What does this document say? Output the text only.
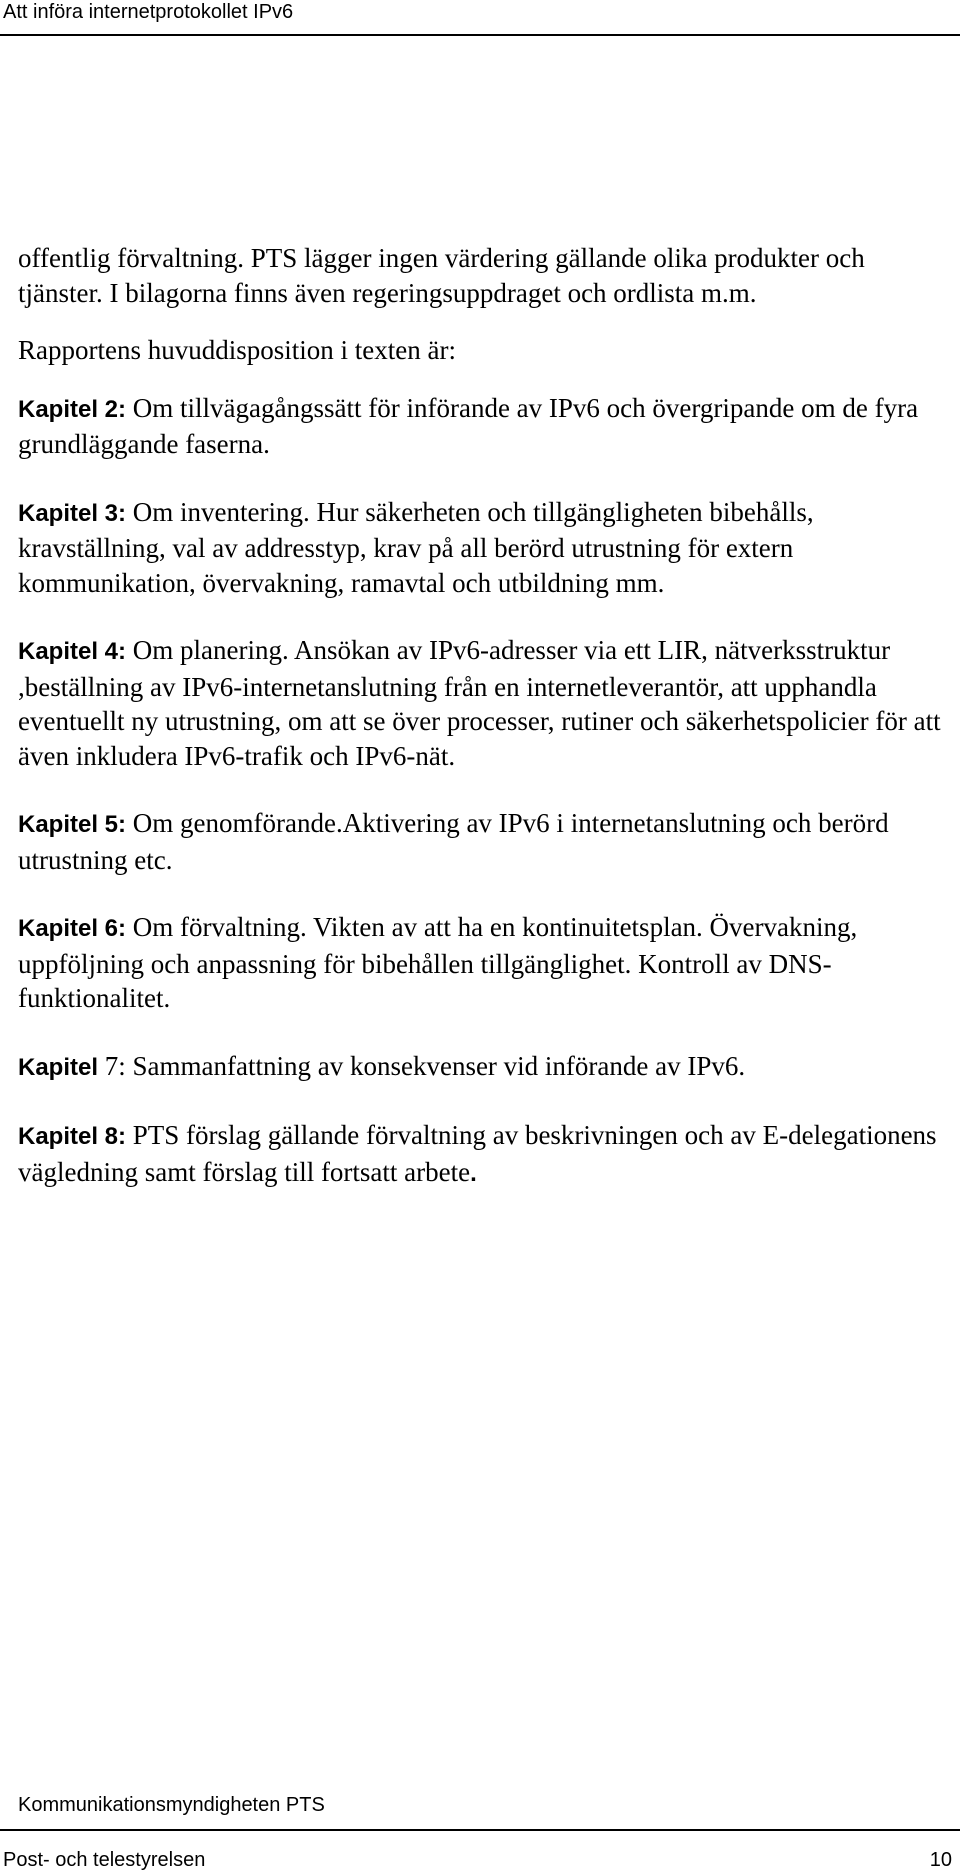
Att införa internetprotokollet IPv6

offentlig förvaltning. PTS lägger ingen värdering gällande olika produkter och tjänster. I bilagorna finns även regeringsuppdraget och ordlista m.m.

Rapportens huvuddisposition i texten är:

Kapitel 2: Om tillvägagångssätt för införande av IPv6 och övergripande om de fyra grundläggande faserna.

Kapitel 3: Om inventering. Hur säkerheten och tillgängligheten bibehålls, kravställning, val av addresstyp, krav på all berörd utrustning för extern kommunikation, övervakning, ramavtal och utbildning mm.

Kapitel 4: Om planering. Ansökan av IPv6-adresser via ett LIR, nätverksstruktur ,beställning av IPv6-internetanslutning från en internetleverantör, att upphandla eventuellt ny utrustning, om att se över processer, rutiner och säkerhetspolicier för att även inkludera IPv6-trafik och IPv6-nät.

Kapitel 5: Om genomförande.Aktivering av IPv6 i internetanslutning och berörd utrustning etc.

Kapitel 6: Om förvaltning. Vikten av att ha en kontinuitetsplan. Övervakning, uppföljning och anpassning för bibehållen tillgänglighet. Kontroll av DNS-funktionalitet.

Kapitel 7: Sammanfattning av konsekvenser vid införande av IPv6.

Kapitel 8: PTS förslag gällande förvaltning av beskrivningen och av E-delegationens vägledning samt förslag till fortsatt arbete.

Kommunikationsmyndigheten PTS
Post- och telestyrelsen	10
